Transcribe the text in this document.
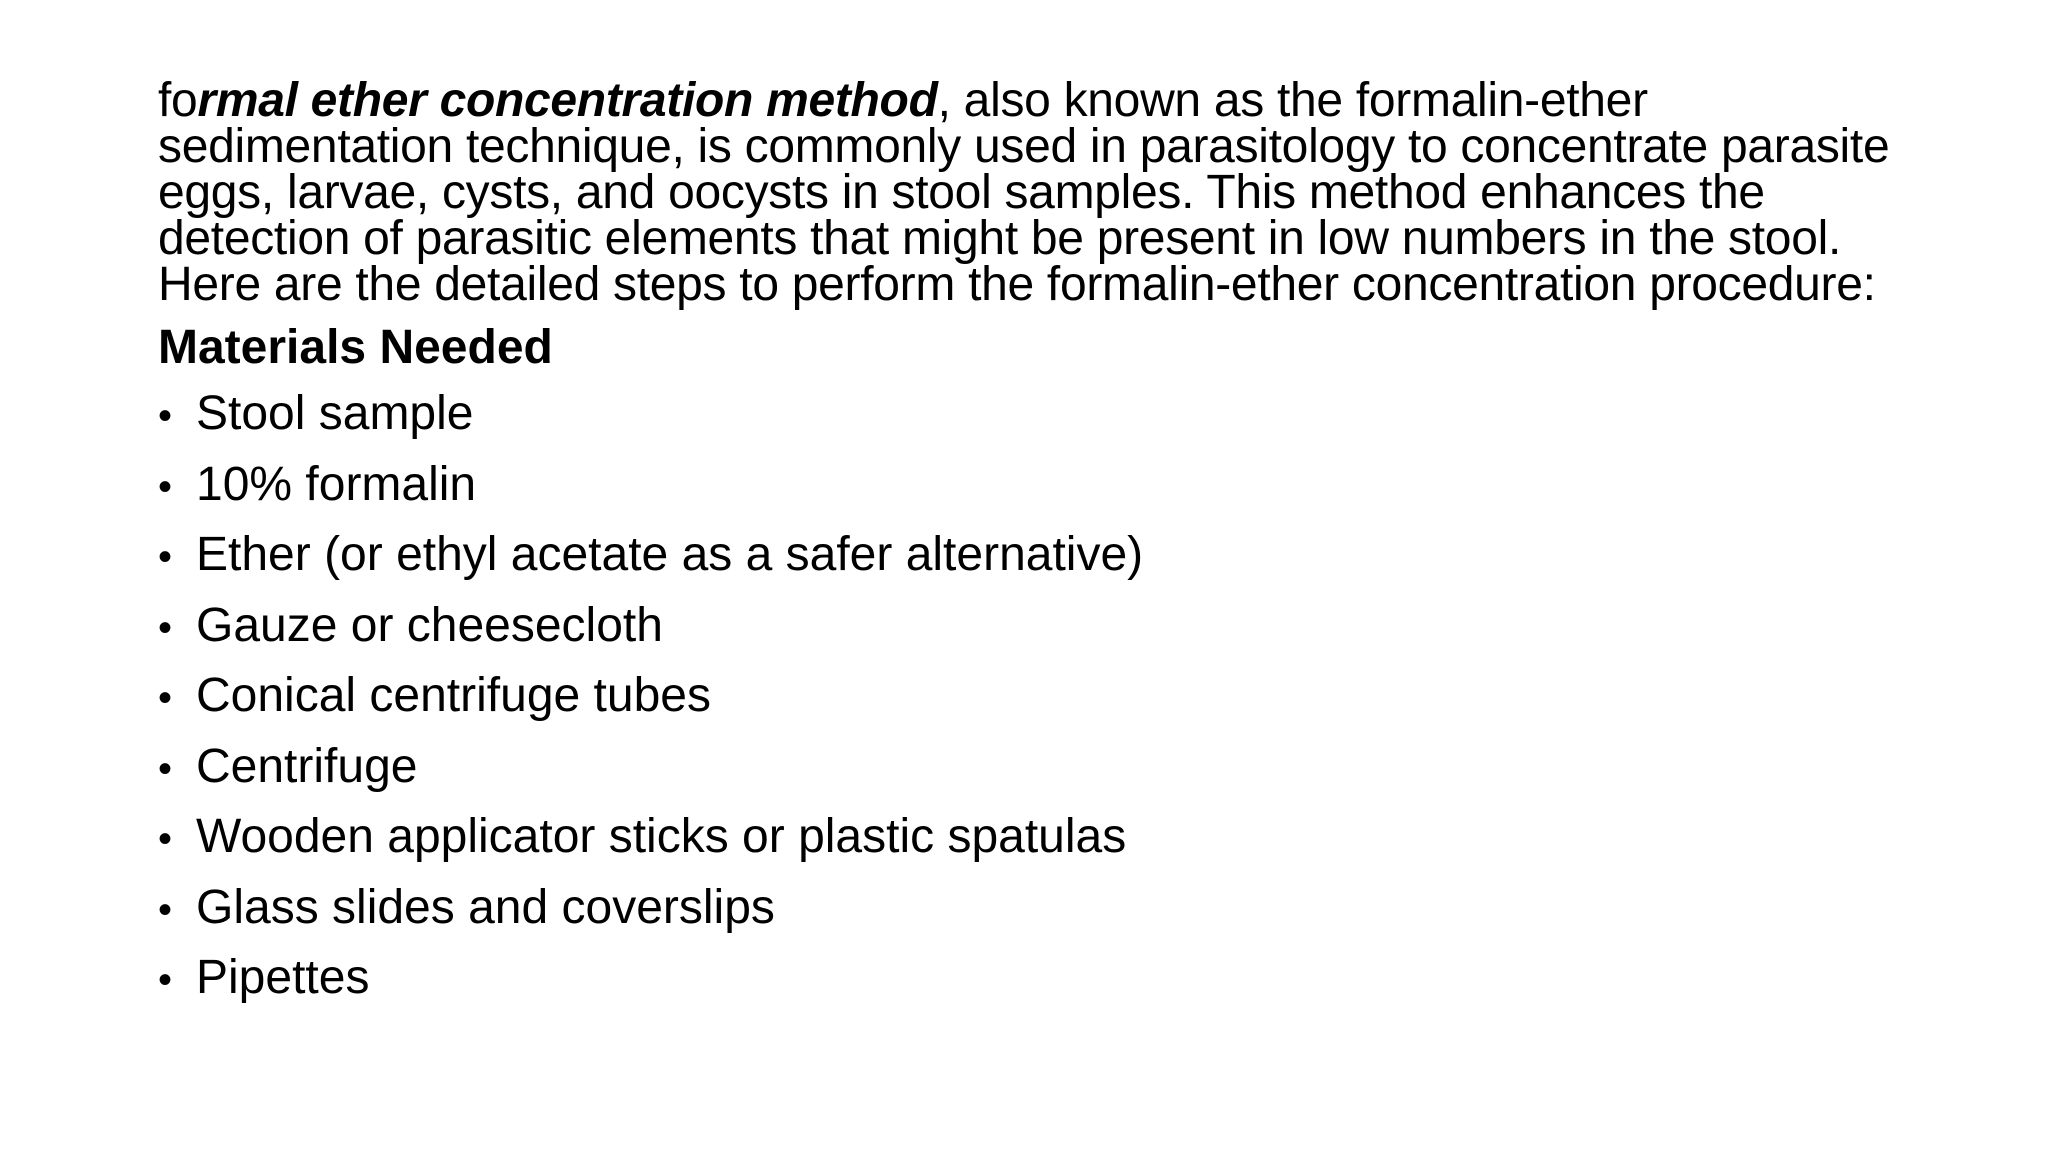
formal ether concentration method, also known as the formalin-ether sedimentation technique, is commonly used in parasitology to concentrate parasite eggs, larvae, cysts, and oocysts in stool samples. This method enhances the detection of parasitic elements that might be present in low numbers in the stool. Here are the detailed steps to perform the formalin-ether concentration procedure:

Materials Needed
• Stool sample
• 10% formalin
• Ether (or ethyl acetate as a safer alternative)
• Gauze or cheesecloth
• Conical centrifuge tubes
• Centrifuge
• Wooden applicator sticks or plastic spatulas
• Glass slides and coverslips
• Pipettes
